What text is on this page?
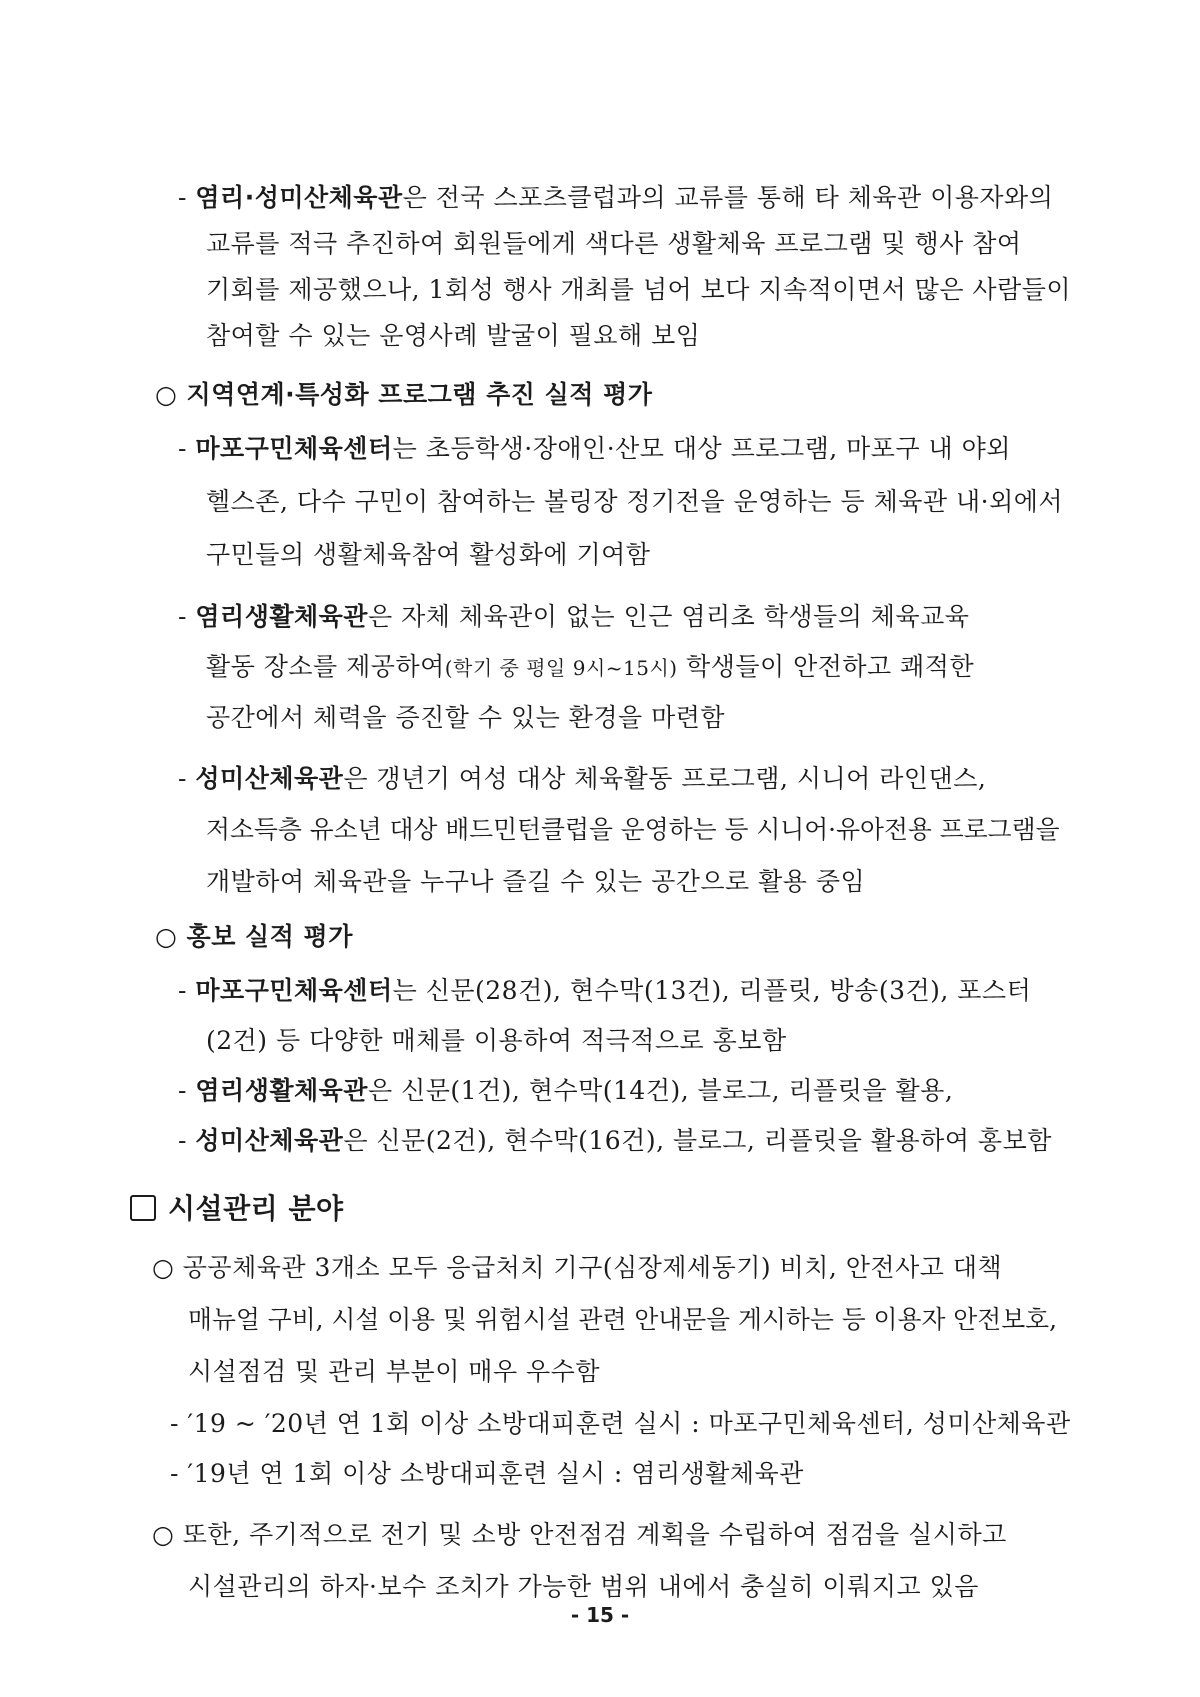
- 염리·성미산체육관은 전국 스포츠클럽과의 교류를 통해 타 체육관 이용자와의
교류를 적극 추진하여 회원들에게 색다른 생활체육 프로그램 및 행사 참여
기회를 제공했으나, 1회성 행사 개최를 넘어 보다 지속적이면서 많은 사람들이
참여할 수 있는 운영사례 발굴이 필요해 보임
○ 지역연계·특성화 프로그램 추진 실적 평가
- 마포구민체육센터는 초등학생·장애인·산모 대상 프로그램, 마포구 내 야외
헬스존, 다수 구민이 참여하는 볼링장 정기전을 운영하는 등 체육관 내·외에서
구민들의 생활체육참여 활성화에 기여함
- 염리생활체육관은 자체 체육관이 없는 인근 염리초 학생들의 체육교육
활동 장소를 제공하여(학기 중 평일 9시~15시) 학생들이 안전하고 쾌적한
공간에서 체력을 증진할 수 있는 환경을 마련함
- 성미산체육관은 갱년기 여성 대상 체육활동 프로그램, 시니어 라인댄스,
저소득층 유소년 대상 배드민턴클럽을 운영하는 등 시니어·유아전용 프로그램을
개발하여 체육관을 누구나 즐길 수 있는 공간으로 활용 중임
○ 홍보 실적 평가
- 마포구민체육센터는 신문(28건), 현수막(13건), 리플릿, 방송(3건), 포스터
(2건) 등 다양한 매체를 이용하여 적극적으로 홍보함
- 염리생활체육관은 신문(1건), 현수막(14건), 블로그, 리플릿을 활용,
- 성미산체육관은 신문(2건), 현수막(16건), 블로그, 리플릿을 활용하여 홍보함
시설관리 분야
○ 공공체육관 3개소 모두 응급처치 기구(심장제세동기) 비치, 안전사고 대책
매뉴얼 구비, 시설 이용 및 위험시설 관련 안내문을 게시하는 등 이용자 안전보호,
시설점검 및 관리 부분이 매우 우수함
- ′19 ~ ′20년 연 1회 이상 소방대피훈련 실시 : 마포구민체육센터, 성미산체육관
- ′19년 연 1회 이상 소방대피훈련 실시 : 염리생활체육관
○ 또한, 주기적으로 전기 및 소방 안전점검 계획을 수립하여 점검을 실시하고
시설관리의 하자·보수 조치가 가능한 범위 내에서 충실히 이뤄지고 있음
- 15 -
